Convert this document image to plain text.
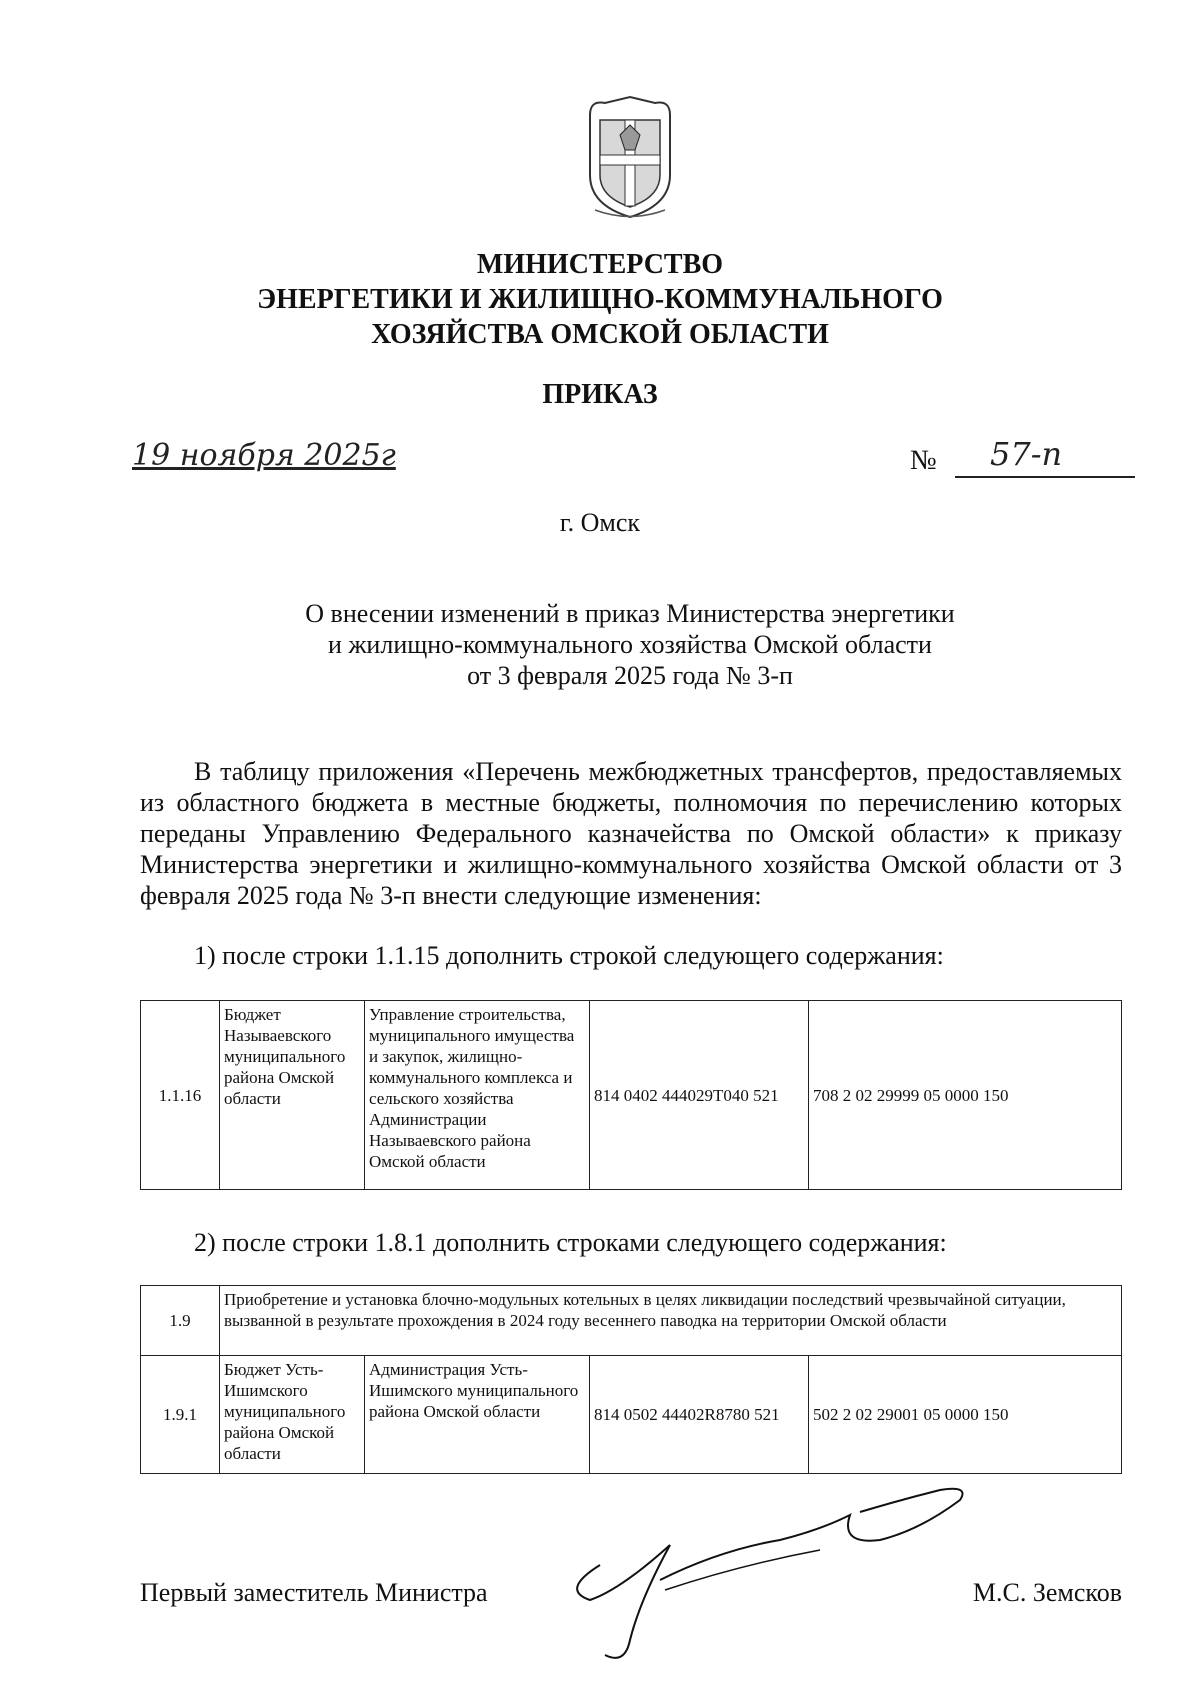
МИНИСТЕРСТВО
ЭНЕРГЕТИКИ И ЖИЛИЩНО-КОММУНАЛЬНОГО
ХОЗЯЙСТВА ОМСКОЙ ОБЛАСТИ
ПРИКАЗ
19 ноября 2025г	№ 57-п
г. Омск
О внесении изменений в приказ Министерства энергетики
и жилищно-коммунального хозяйства Омской области
от 3 февраля 2025 года № 3-п
В таблицу приложения «Перечень межбюджетных трансфертов, предоставляемых из областного бюджета в местные бюджеты, полномочия по перечислению которых переданы Управлению Федерального казначейства по Омской области» к приказу Министерства энергетики и жилищно-коммунального хозяйства Омской области от 3 февраля 2025 года № 3-п внести следующие изменения:
1) после строки 1.1.15 дополнить строкой следующего содержания:
1.1.16	Бюджет Называевского муниципального района Омской области	Управление строительства, муниципального имущества и закупок, жилищно-коммунального комплекса и сельского хозяйства Администрации Называевского района Омской области	814 0402 444029Т040 521	708 2 02 29999 05 0000 150
2) после строки 1.8.1 дополнить строками следующего содержания:
1.9	Приобретение и установка блочно-модульных котельных в целях ликвидации последствий чрезвычайной ситуации, вызванной в результате прохождения в 2024 году весеннего паводка на территории Омской области			
1.9.1	Бюджет Усть-Ишимского муниципального района Омской области	Администрация Усть-Ишимского муниципального района Омской области	814 0502 44402R8780 521	502 2 02 29001 05 0000 150
Первый заместитель Министра	М.С. Земсков
